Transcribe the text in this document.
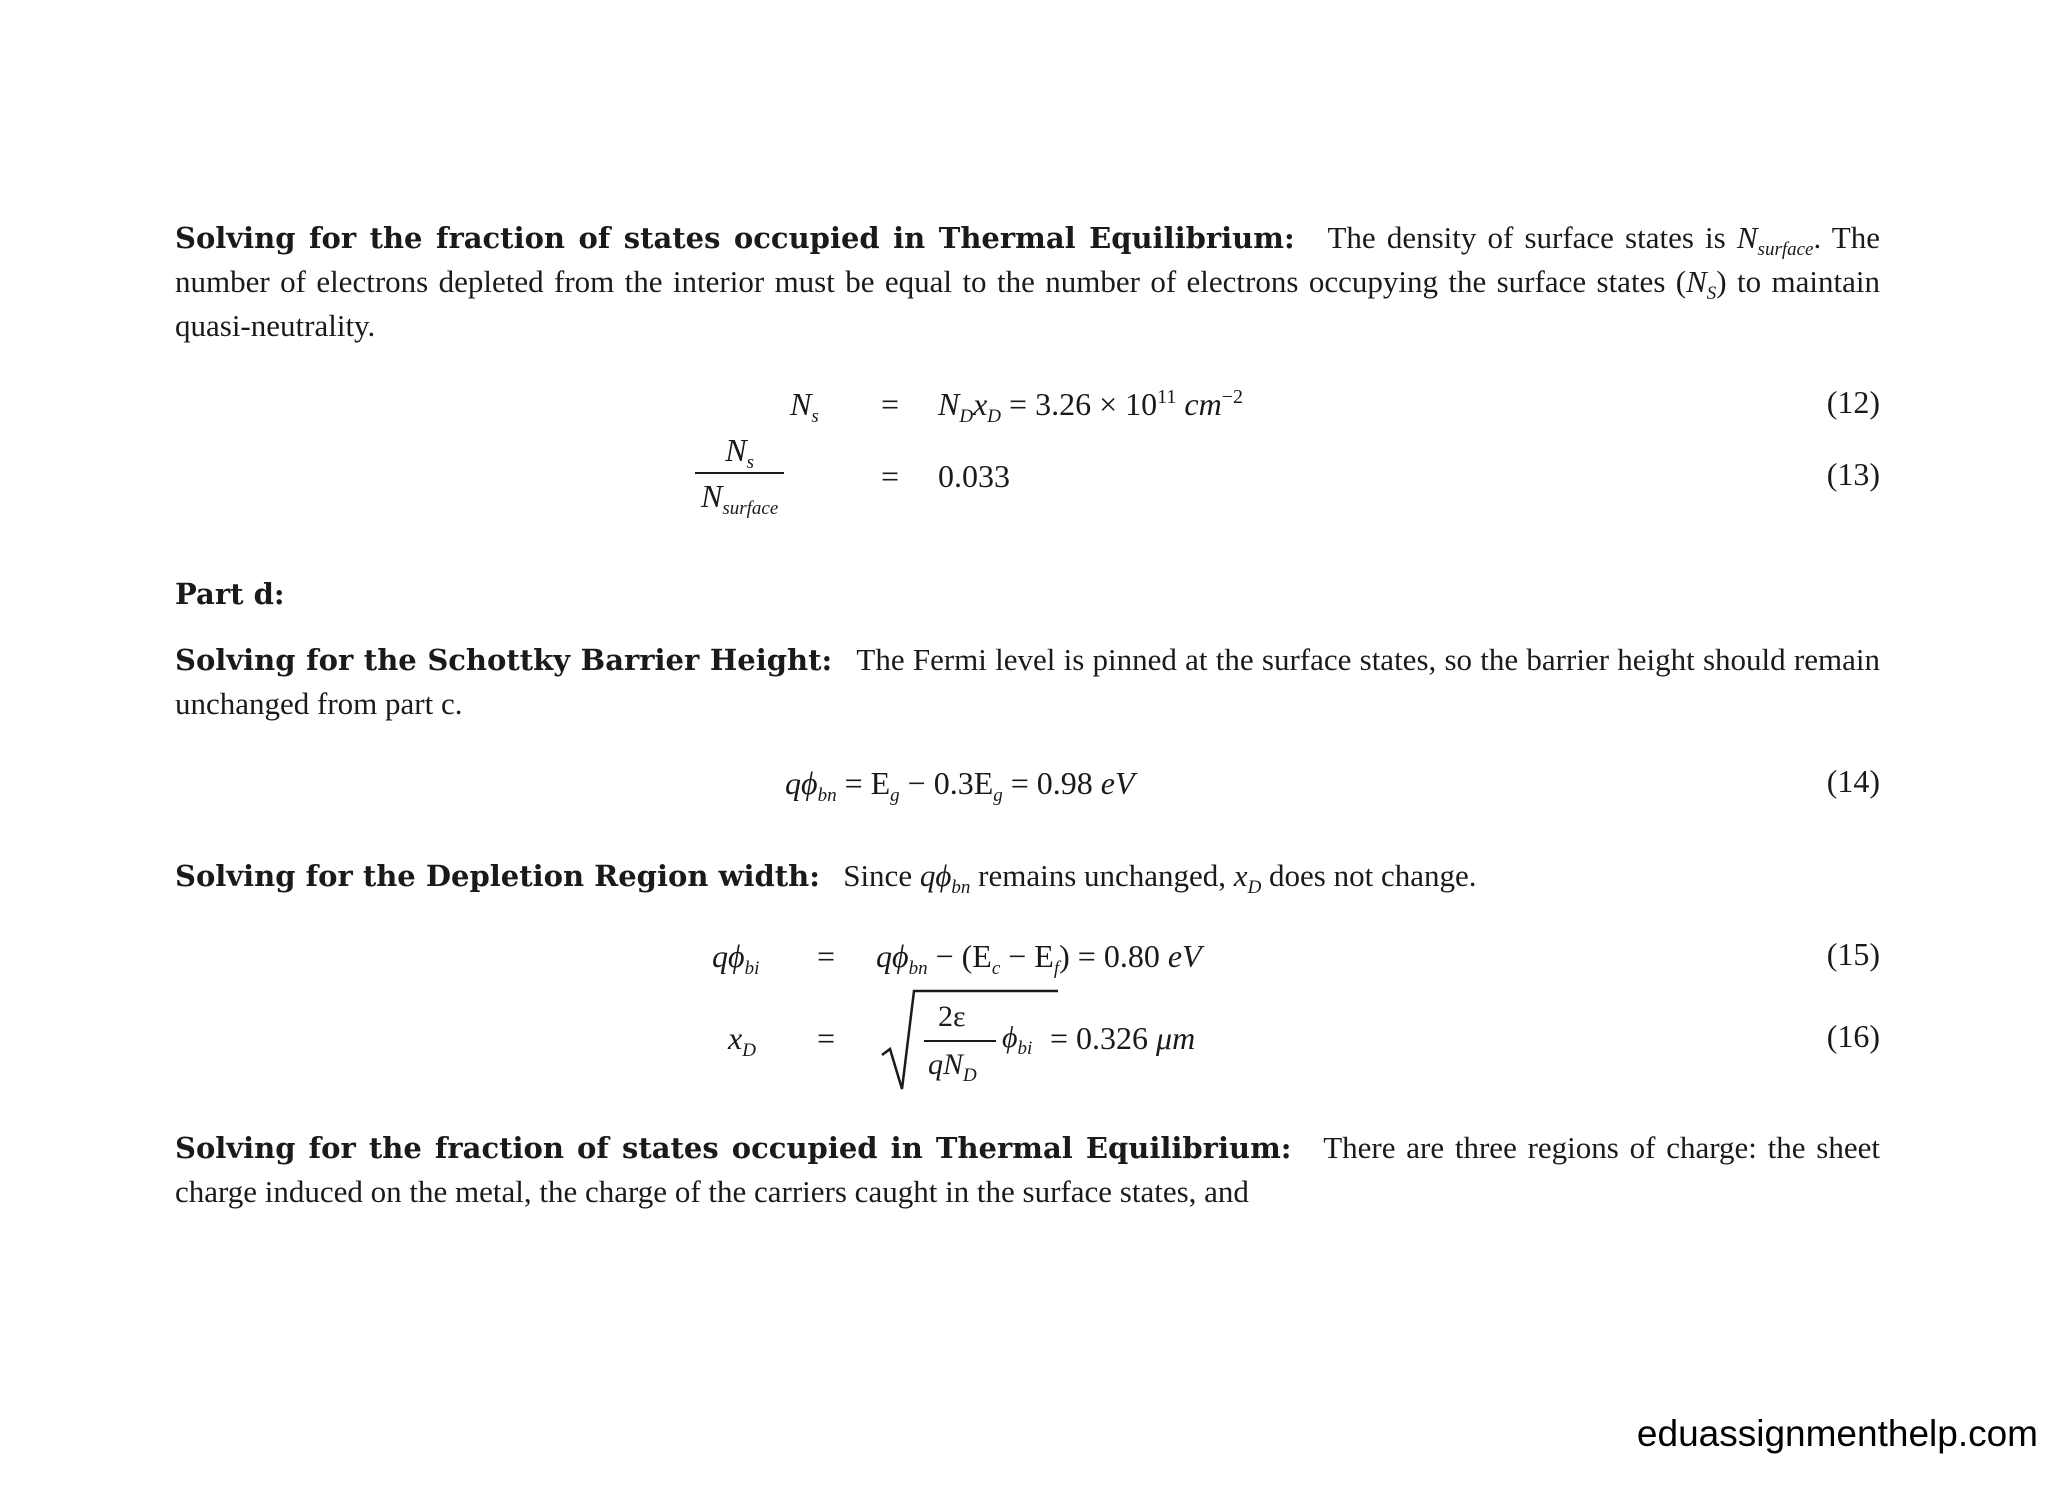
Solving for the fraction of states occupied in Thermal Equilibrium: The density of surface states is $N_{surface}$. The number of electrons depleted from the interior must be equal to the number of electrons occupying the surface states $(N_S)$ to maintain quasi-neutrality.
$N_s$	=	$N_Dx_D = 3.26 \times 10^{11}$ $cm^{-2}$	(12)
$\frac{N_s}{N_{surface}}$	=	0.033	(13)
Part d:
Solving for the Schottky Barrier Height: The Fermi level is pinned at the surface states, so the barrier height should remain unchanged from part c.
$q\phi_{bn} = E_g - 0.3E_g = 0.98$ eV	(14)
Solving for the Depletion Region width: Since $q\phi_{bn}$ remains unchanged, $x_D$ does not change.
$q\phi_{bi}$	=	$q\phi_{bn} - (E_c - E_f) = 0.80$ eV	(15)
$x_D$	=
2ε
$qN_D$
$\phi_{bi} = 0.326$ μm	(16)
Solving for the fraction of states occupied in Thermal Equilibrium: There are three regions of charge: the sheet charge induced on the metal, the charge of the carriers caught in the surface states, and
eduassignmenthelp.com
